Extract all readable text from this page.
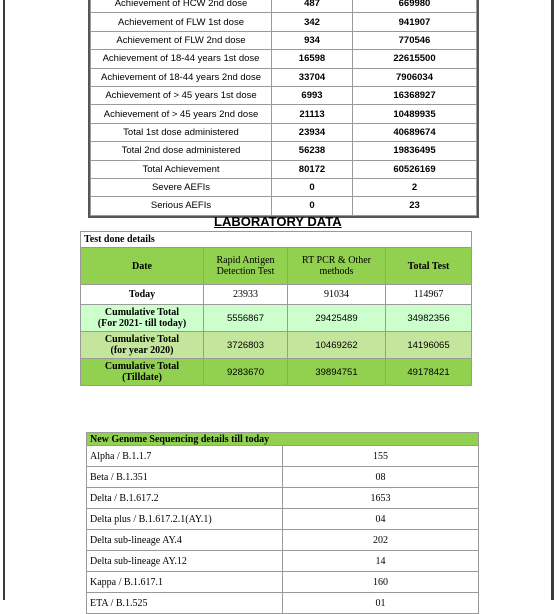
Achievement of HCW 2nd dose	487	669980
Achievement of FLW 1st dose	342	941907
Achievement of FLW 2nd dose	934	770546
Achievement of 18-44 years 1st dose	16598	22615500
Achievement of 18-44 years 2nd dose	33704	7906034
Achievement of > 45 years 1st dose	6993	16368927
Achievement of > 45 years 2nd dose	21113	10489935
Total 1st dose administered	23934	40689674
Total 2nd dose administered	56238	19836495
Total Achievement	80172	60526169
Severe AEFIs	0	2
Serious AEFIs	0	23
LABORATORY DATA
Test done details			
Date	Rapid Antigen Detection Test	RT PCR & Other methods	Total Test
Today	23933	91034	114967
Cumulative Total
(For 2021- till today)	5556867	29425489	34982356
Cumulative Total
(for year 2020)	3726803	10469262	14196065
Cumulative Total
(Tilldate)	9283670	39894751	49178421
New Genome Sequencing details till today	
Alpha / B.1.1.7	155
Beta / B.1.351	08
Delta / B.1.617.2	1653
Delta plus / B.1.617.2.1(AY.1)	04
Delta sub-lineage AY.4	202
Delta sub-lineage AY.12	14
Kappa / B.1.617.1	160
ETA / B.1.525	01
